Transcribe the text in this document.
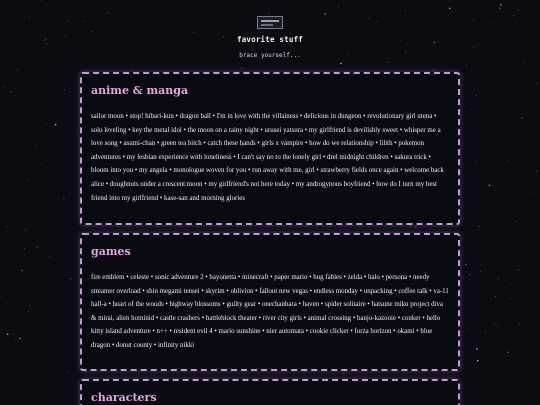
favorite stuff
brace yourself...
anime & manga

sailor moon • stop! hibari-kun • dragon ball • I'm in love with the villainess • delicious in dungeon • revolutionary girl utena • solo leveling • key the metal idol • the moon on a rainy night • urusei yatsura • my girlfriend is devilishly sweet • whisper me a love song • asumi-chan • green tea bitch • catch these hands • girls x vampire • how do we relationship • lilith • pokemon adventures • my lesbian experience with loneliness • I can't say no to the lonely girl • drel midnight children • sakura trick • bloom into you • my angela • monologue woven for you • run away with me, girl • strawberry fields once again • welcome back alice • doughnuts under a crescent moon • my girlfriend's not here today • my androgynous boyfriend • how do I turn my best friend into my girlfriend • kase-san and morning glories

games

fire emblem • celeste • sonic adventure 2 • bayonetta • minecraft • paper mario • bug fables • zelda • halo • persona • needy streamer overload • shin megami tensei • skyrim • oblivion • fallout new vegas • endless monday • unpacking • coffee talk • va-11 hall-a • heart of the woods • highway blossoms • guilty gear • onechanbara • haven • spider solitaire • hatsune miku project diva & mirai, alien hominid • castle crashers • battleblock theater • river city girls • animal crossing • banjo-kazooie • conker • hello kitty island adventure • n++ • resident evil 4 • mario sunshine • nier automata • cookie clicker • forza horizon • okami • blue dragon • donut county • infinity nikki

characters
